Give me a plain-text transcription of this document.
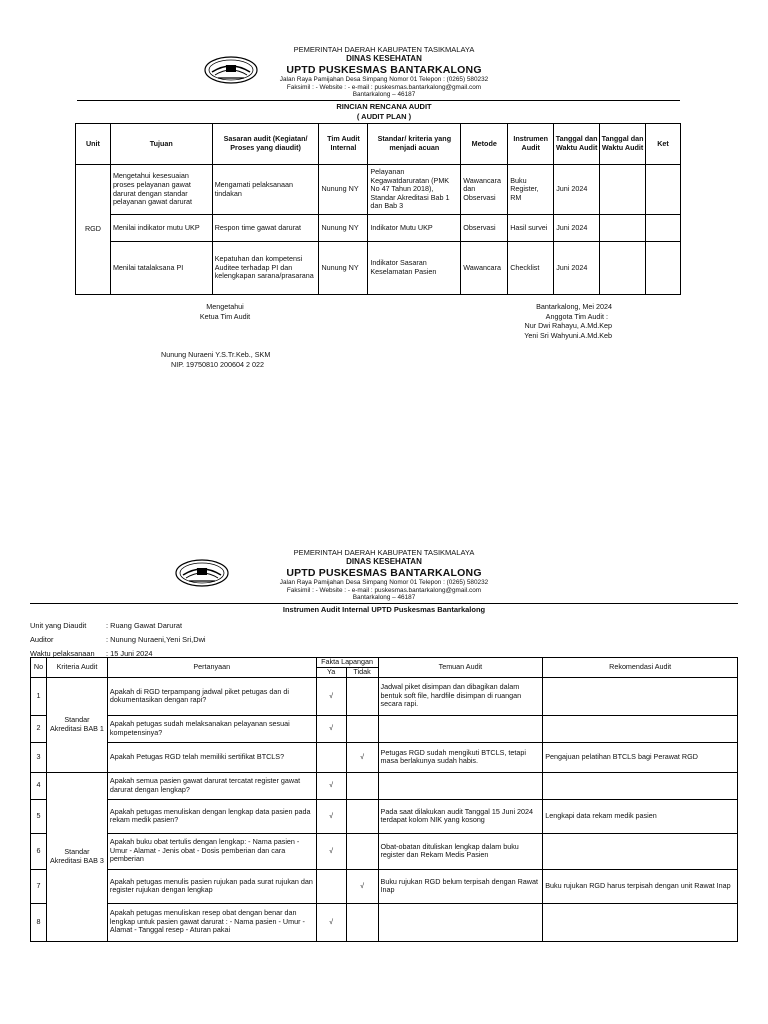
PEMERINTAH DAERAH KABUPATEN TASIKMALAYA
DINAS KESEHATAN
UPTD PUSKESMAS BANTARKALONG
Jalan Raya Pamijahan Desa Simpang Nomor 01 Telepon : (0265) 580232
Faksimil : - Website : - e-mail : puskesmas.bantarkalong@gmail.com
Bantarkalong – 46187
RINCIAN RENCANA AUDIT
( AUDIT PLAN )
Unit	Tujuan	Sasaran audit (Kegiatan/ Proses yang diaudit)	Tim Audit Internal	Standar/ kriteria yang menjadi acuan	Metode	Instrumen Audit	Tanggal dan Waktu Audit	Tanggal dan Waktu Audit	Ket
RGD	Mengetahui kesesuaian proses pelayanan gawat darurat dengan standar pelayanan gawat darurat	Mengamati pelaksanaan tindakan	Nunung NY	Pelayanan Kegawatdaruratan (PMK No 47 Tahun 2018), Standar Akreditasi Bab 1 dan Bab 3	Wawancara dan Observasi	Buku Register, RM	Juni 2024		
	Menilai indikator mutu UKP	Respon time gawat darurat	Nunung NY	Indikator Mutu UKP	Observasi	Hasil survei	Juni 2024		
	Menilai tatalaksana PI	Kepatuhan dan kompetensi Auditee terhadap PI dan kelengkapan sarana/prasarana	Nunung NY	Indikator Sasaran Keselamatan Pasien	Wawancara	Checklist	Juni 2024		
Mengetahui
Ketua Tim Audit
Nunung Nuraeni Y.S.Tr.Keb., SKM
NIP. 19750810 200604 2 022
Bantarkalong, Mei 2024
Anggota Tim Audit :
Nur Dwi Rahayu, A.Md.Kep
Yeni Sri Wahyuni.A.Md.Keb
PEMERINTAH DAERAH KABUPATEN TASIKMALAYA
DINAS KESEHATAN
UPTD PUSKESMAS BANTARKALONG
Jalan Raya Pamijahan Desa Simpang Nomor 01 Telepon : (0265) 580232
Faksimil : - Website : - e-mail : puskesmas.bantarkalong@gmail.com
Bantarkalong – 46187
Instrumen Audit Internal UPTD Puskesmas Bantarkalong
Unit yang Diaudit	: Ruang Gawat Darurat
Auditor	: Nunung Nuraeni,Yeni Sri,Dwi
Waktu pelaksanaan	: 15 Juni 2024
No	Kriteria Audit	Pertanyaan	Fakta Lapangan		Temuan Audit	Rekomendasi Audit
			Ya	Tidak		
1	Standar Akreditasi BAB 1	Apakah di RGD terpampang jadwal piket petugas dan di dokumentasikan dengan rapi?	√		Jadwal piket disimpan dan dibagikan dalam bentuk soft file, hardfile disimpan di ruangan secara rapi.	
2		Apakah petugas sudah melaksanakan pelayanan sesuai kompetensinya?	√			
3		Apakah Petugas RGD telah memiliki sertifikat BTCLS?		√	Petugas RGD sudah mengikuti BTCLS, tetapi masa berlakunya sudah habis.	Pengajuan pelatihan BTCLS bagi Perawat RGD
4	Standar Akreditasi BAB 3	Apakah semua pasien gawat darurat tercatat register gawat darurat dengan lengkap?	√			
5		Apakah petugas menuliskan dengan lengkap data pasien pada rekam medik pasien?	√		Pada saat dilakukan audit Tanggal 15 Juni 2024 terdapat kolom NIK yang kosong	Lengkapi data rekam medik pasien
6		Apakah buku obat tertulis dengan lengkap: - Nama pasien - Umur - Alamat - Jenis obat - Dosis pemberian dan cara pemberian	√		Obat-obatan dituliskan lengkap dalam buku register dan Rekam Medis Pasien	
7		Apakah petugas menulis pasien rujukan pada surat rujukan dan register rujukan dengan lengkap		√	Buku rujukan RGD belum terpisah dengan Rawat Inap	Buku rujukan RGD harus terpisah dengan unit Rawat Inap
8		Apakah petugas menuliskan resep obat dengan benar dan lengkap untuk pasien gawat darurat : - Nama pasien - Umur - Alamat - Tanggal resep - Aturan pakai	√			
